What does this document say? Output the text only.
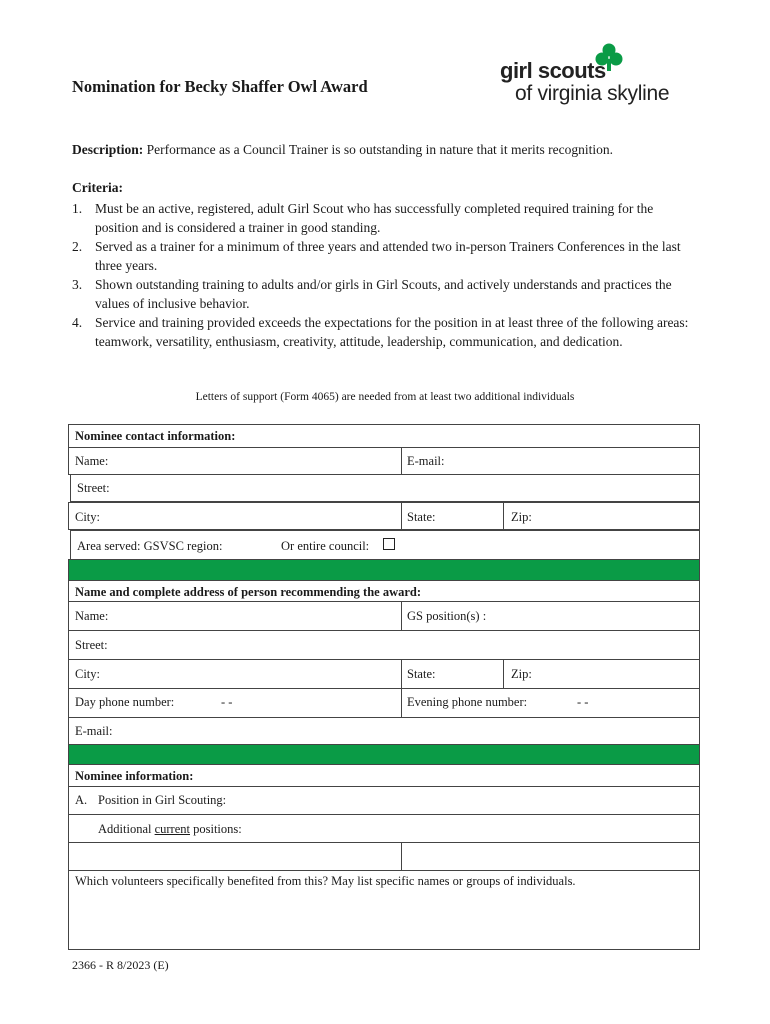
Nomination for Becky Shaffer Owl Award
girl scouts
of virginia skyline
Description: Performance as a Council Trainer is so outstanding in nature that it merits recognition.
Criteria:
1. Must be an active, registered, adult Girl Scout who has successfully completed required training for the position and is considered a trainer in good standing.
2. Served as a trainer for a minimum of three years and attended two in-person Trainers Conferences in the last three years.
3. Shown outstanding training to adults and/or girls in Girl Scouts, and actively understands and practices the values of inclusive behavior.
4. Service and training provided exceeds the expectations for the position in at least three of the following areas: teamwork, versatility, enthusiasm, creativity, attitude, leadership, communication, and dedication.
Letters of support (Form 4065) are needed from at least two additional individuals
Nominee contact information:
Name:	E-mail:
Street:
City:	State:	Zip:
Area served: GSVSC region:	Or entire council:
Name and complete address of person recommending the award:
Name:	GS position(s) :
Street:
City:	State:	Zip:
Day phone number:	- -	Evening phone number:	- -
E-mail:
Nominee information:
A. Position in Girl Scouting:
Additional current positions:
Which volunteers specifically benefited from this? May list specific names or groups of individuals.
2366 - R 8/2023 (E)
